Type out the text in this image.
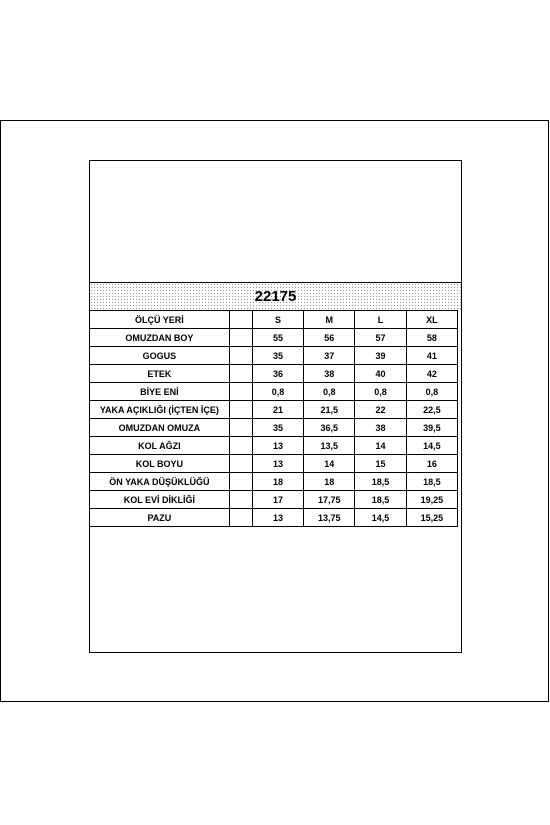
22175
ÖLÇÜ YERİ		S	M	L	XL
OMUZDAN BOY		55	56	57	58
GOGUS		35	37	39	41
ETEK		36	38	40	42
BİYE ENİ		0,8	0,8	0,8	0,8
YAKA AÇIKLIĞI (İÇTEN İÇE)		21	21,5	22	22,5
OMUZDAN OMUZA		35	36,5	38	39,5
KOL AĞZI		13	13,5	14	14,5
KOL BOYU		13	14	15	16
ÖN YAKA DÜŞÜKLÜĞÜ		18	18	18,5	18,5
KOL EVİ DİKLİĞİ		17	17,75	18,5	19,25
PAZU		13	13,75	14,5	15,25
